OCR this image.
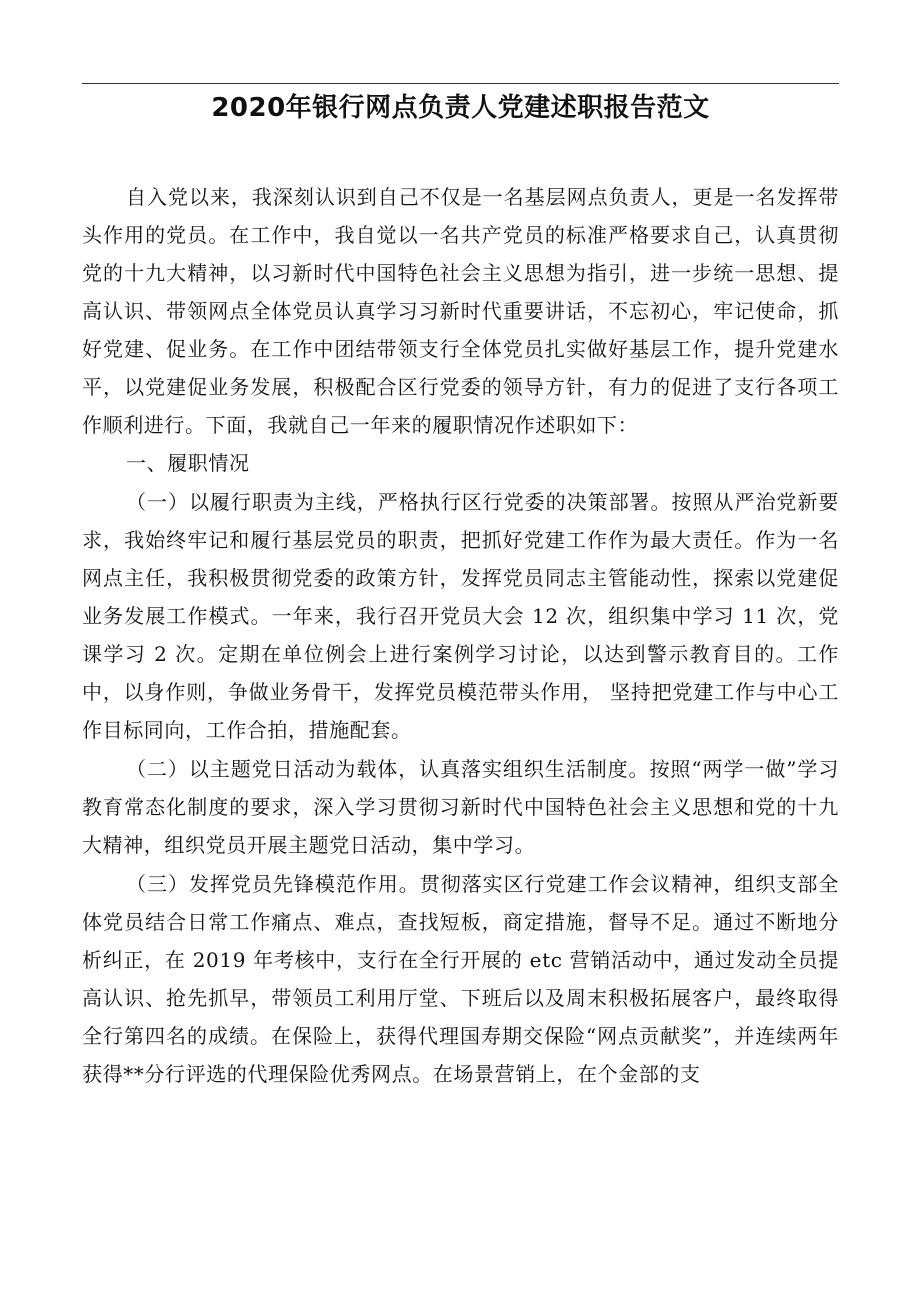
2020年银行网点负责人党建述职报告范文

自入党以来，我深刻认识到自己不仅是一名基层网点负责人，更是一名发挥带头作用的党员。在工作中，我自觉以一名共产党员的标准严格要求自己，认真贯彻党的十九大精神，以习新时代中国特色社会主义思想为指引，进一步统一思想、提高认识、带领网点全体党员认真学习习新时代重要讲话，不忘初心，牢记使命，抓好党建、促业务。在工作中团结带领支行全体党员扎实做好基层工作，提升党建水平，以党建促业务发展，积极配合区行党委的领导方针，有力的促进了支行各项工作顺利进行。下面，我就自己一年来的履职情况作述职如下：

一、履职情况

（一）以履行职责为主线，严格执行区行党委的决策部署。按照从严治党新要求，我始终牢记和履行基层党员的职责，把抓好党建工作作为最大责任。作为一名网点主任，我积极贯彻党委的政策方针，发挥党员同志主管能动性，探索以党建促业务发展工作模式。一年来，我行召开党员大会 12 次，组织集中学习 11 次，党课学习 2 次。定期在单位例会上进行案例学习讨论，以达到警示教育目的。工作中，以身作则，争做业务骨干，发挥党员模范带头作用， 坚持把党建工作与中心工作目标同向，工作合拍，措施配套。

（二）以主题党日活动为载体，认真落实组织生活制度。按照“两学一做”学习教育常态化制度的要求，深入学习贯彻习新时代中国特色社会主义思想和党的十九大精神，组织党员开展主题党日活动，集中学习。

（三）发挥党员先锋模范作用。贯彻落实区行党建工作会议精神，组织支部全体党员结合日常工作痛点、难点，查找短板，商定措施，督导不足。通过不断地分析纠正，在 2019 年考核中，支行在全行开展的 etc 营销活动中，通过发动全员提高认识、抢先抓早，带领员工利用厅堂、下班后以及周末积极拓展客户，最终取得全行第四名的成绩。在保险上，获得代理国寿期交保险“网点贡献奖”，并连续两年获得**分行评选的代理保险优秀网点。在场景营销上，在个金部的支
